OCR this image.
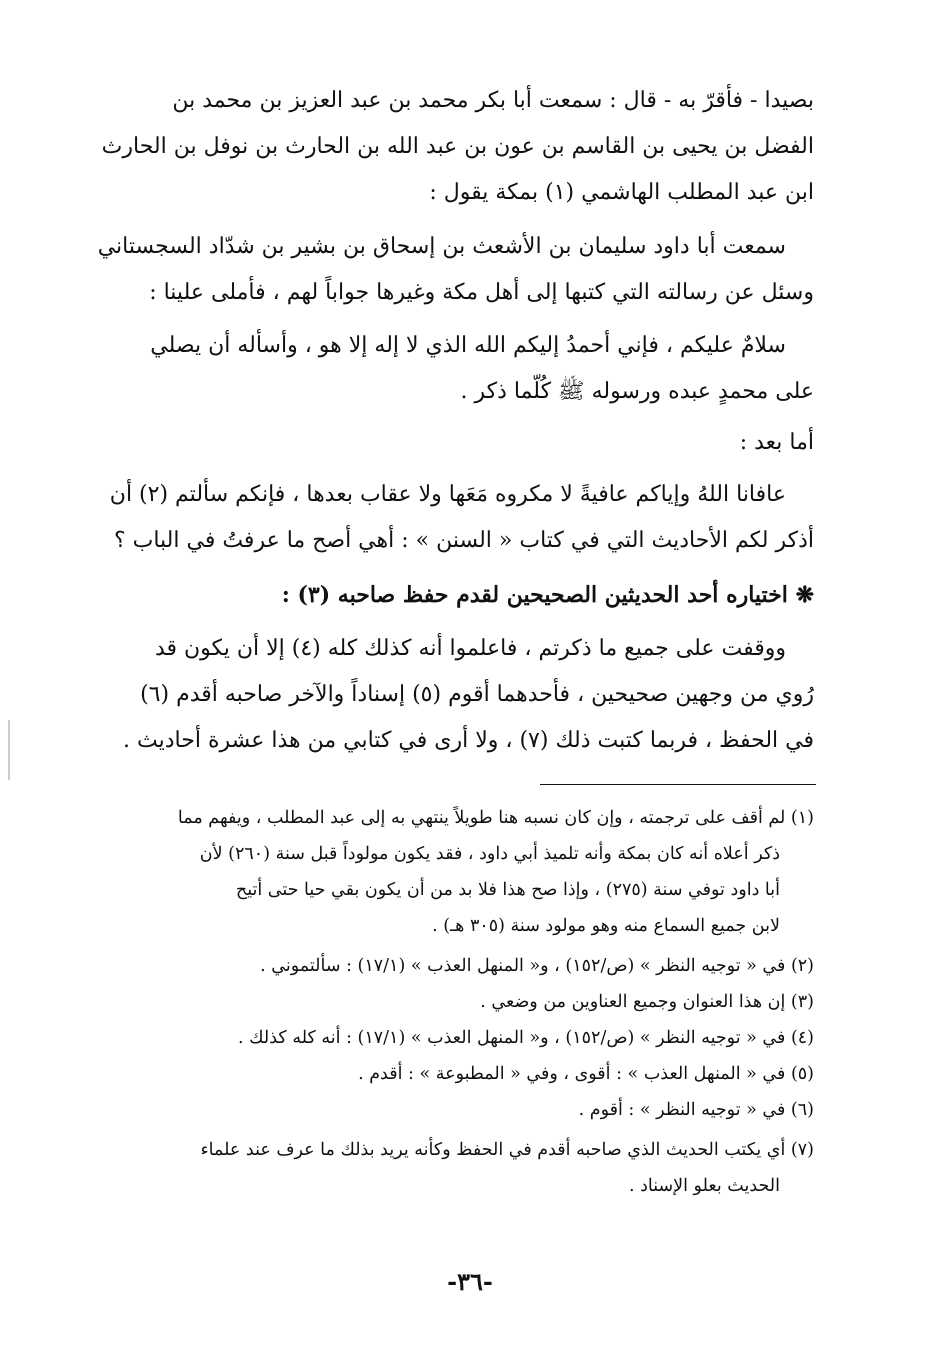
بصيدا - فأقرّ به - قال : سمعت أبا بكر محمد بن عبد العزيز بن محمد بن
الفضل بن يحيى بن القاسم بن عون بن عبد الله بن الحارث بن نوفل بن الحارث
ابن عبد المطلب الهاشمي (١) بمكة يقول :
سمعت أبا داود سليمان بن الأشعث بن إسحاق بن بشير بن شدّاد السجستاني
وسئل عن رسالته التي كتبها إلى أهل مكة وغيرها جواباً لهم ، فأملى علينا :
سلامٌ عليكم ، فإني أحمدُ إليكم الله الذي لا إله إلا هو ، وأسأله أن يصلي
على محمدٍ عبده ورسوله ﷺ كُلّما ذكر .
أما بعد :
عافانا اللهُ وإياكم عافيةً لا مكروه مَعَها ولا عقاب بعدها ، فإنكم سألتم (٢) أن
أذكر لكم الأحاديث التي في كتاب « السنن » : أهي أصح ما عرفتُ في الباب ؟
❋ اختياره أحد الحديثين الصحيحين لقدم حفظ صاحبه (٣) :
ووقفت على جميع ما ذكرتم ، فاعلموا أنه كذلك كله (٤) إلا أن يكون قد
رُوي من وجهين صحيحين ، فأحدهما أقوم (٥) إسناداً والآخر صاحبه أقدم (٦)
في الحفظ ، فربما كتبت ذلك (٧) ، ولا أرى في كتابي من هذا عشرة أحاديث .
(١) لم أقف على ترجمته ، وإن كان نسبه هنا طويلاً ينتهي به إلى عبد المطلب ، ويفهم مما
ذكر أعلاه أنه كان بمكة وأنه تلميذ أبي داود ، فقد يكون مولوداً قبل سنة (٢٦٠) لأن
أبا داود توفي سنة (٢٧٥) ، وإذا صح هذا فلا بد من أن يكون بقي حيا حتى أتيح
لابن جميع السماع منه وهو مولود سنة (٣٠٥ هـ) .
(٢) في « توجيه النظر » (ص/١٥٢) ، و« المنهل العذب » (١٧/١) : سألتموني .
(٣) إن هذا العنوان وجميع العناوين من وضعي .
(٤) في « توجيه النظر » (ص/١٥٢) ، و« المنهل العذب » (١٧/١) : أنه كله كذلك .
(٥) في « المنهل العذب » : أقوى ، وفي « المطبوعة » : أقدم .
(٦) في « توجيه النظر » : أقوم .
(٧) أي يكتب الحديث الذي صاحبه أقدم في الحفظ وكأنه يريد بذلك ما عرف عند علماء
الحديث بعلو الإسناد .
-٣٦-
